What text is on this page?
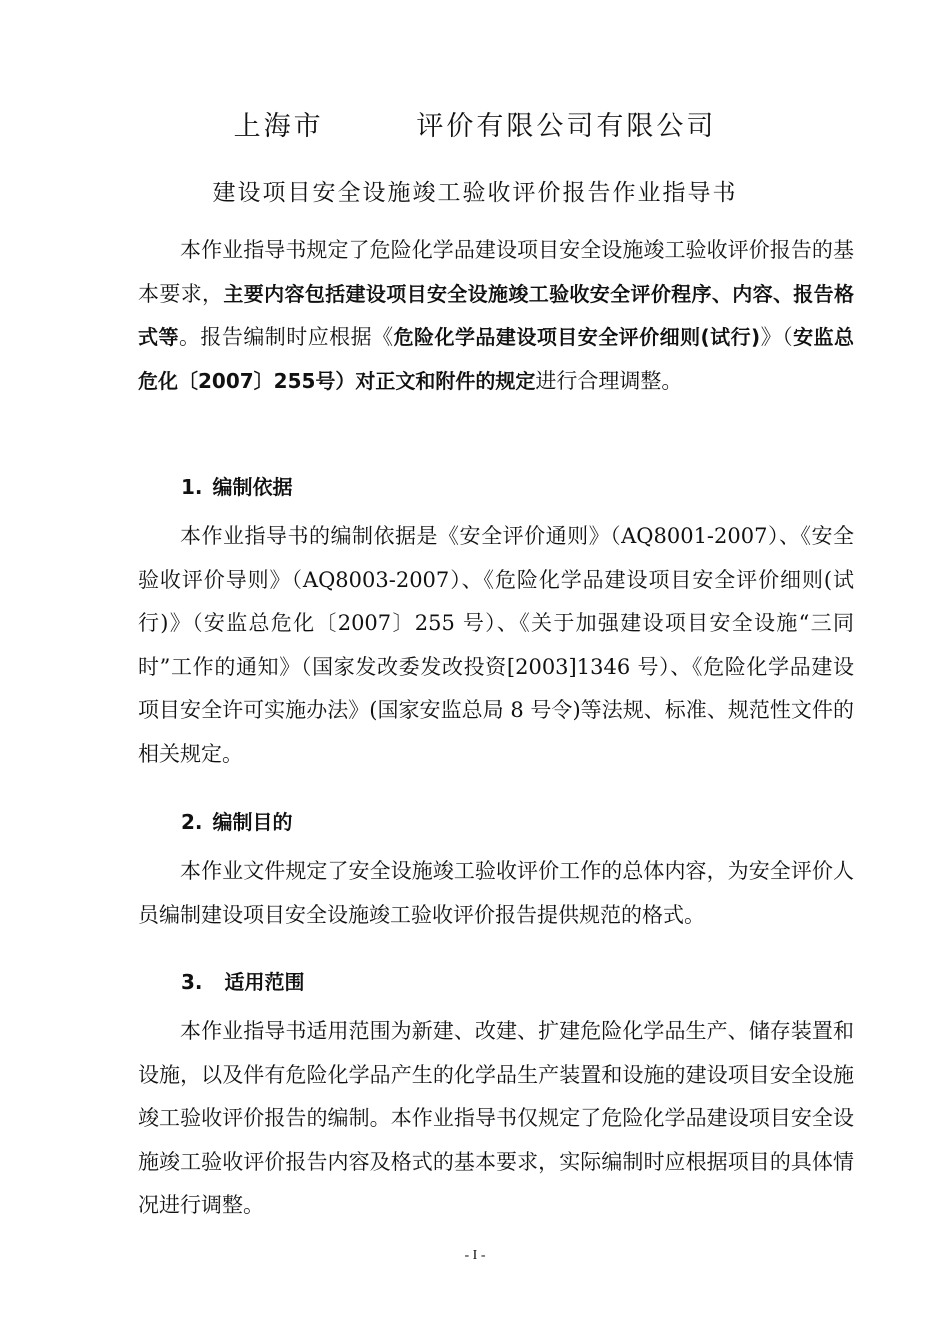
上海市        评价有限公司有限公司
建设项目安全设施竣工验收评价报告作业指导书

本作业指导书规定了危险化学品建设项目安全设施竣工验收评价报告的基本要求，主要内容包括建设项目安全设施竣工验收安全评价程序、内容、报告格式等。报告编制时应根据《危险化学品建设项目安全评价细则(试行)》（安监总危化〔2007〕255号）对正文和附件的规定进行合理调整。

1. 编制依据

本作业指导书的编制依据是《安全评价通则》（AQ8001-2007）、《安全验收评价导则》（AQ8003-2007）、《危险化学品建设项目安全评价细则(试行)》（安监总危化〔2007〕255 号）、《关于加强建设项目安全设施“三同时”工作的通知》（国家发改委发改投资[2003]1346 号）、《危险化学品建设项目安全许可实施办法》(国家安监总局 8 号令)等法规、标准、规范性文件的相关规定。

2. 编制目的

本作业文件规定了安全设施竣工验收评价工作的总体内容，为安全评价人员编制建设项目安全设施竣工验收评价报告提供规范的格式。

3. 适用范围

本作业指导书适用范围为新建、改建、扩建危险化学品生产、储存装置和设施，以及伴有危险化学品产生的化学品生产装置和设施的建设项目安全设施竣工验收评价报告的编制。本作业指导书仅规定了危险化学品建设项目安全设施竣工验收评价报告内容及格式的基本要求，实际编制时应根据项目的具体情况进行调整。

- I -
